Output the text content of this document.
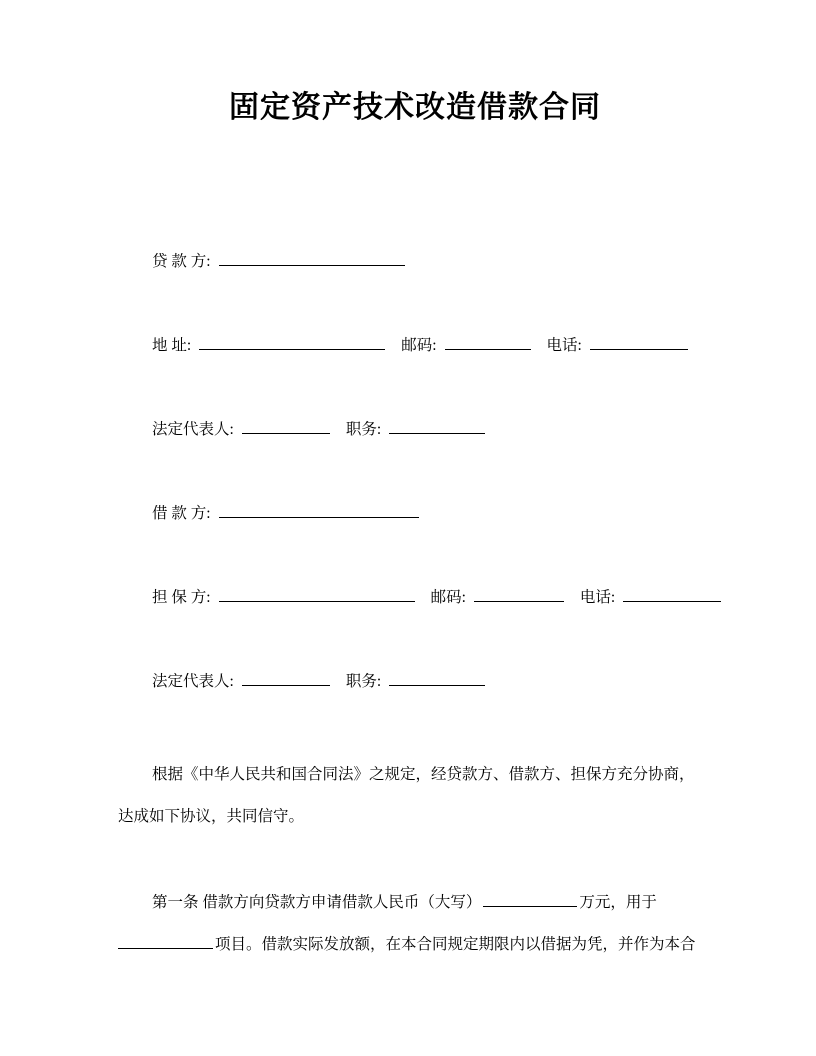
固定资产技术改造借款合同
贷 款 方:
地 址:	邮码:	电话:
法定代表人:	职务:
借 款 方:
担 保 方:	邮码:	电话:
法定代表人:	职务:

根据《中华人民共和国合同法》之规定，经贷款方、借款方、担保方充分协商，
达成如下协议，共同信守。

第一条 借款方向贷款方申请借款人民币（大写）	万元，用于
项目。借款实际发放额，在本合同规定期限内以借据为凭，并作为本合
